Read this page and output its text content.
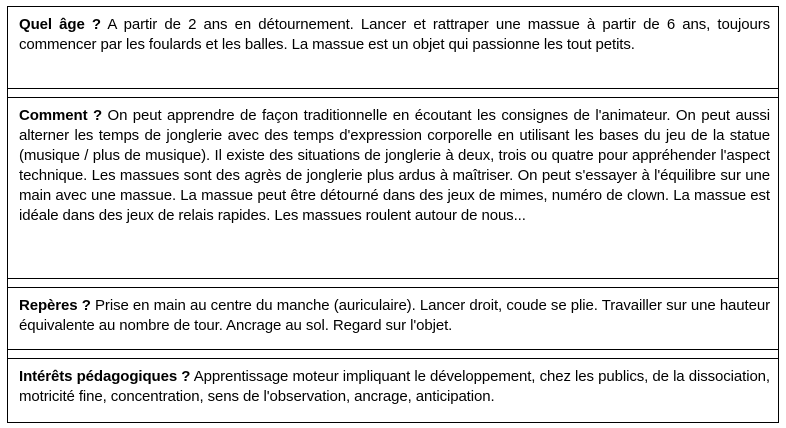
Quel âge ? A partir de 2 ans en détournement. Lancer et rattraper une massue à partir de 6 ans, toujours commencer par les foulards et les balles. La massue est un objet qui passionne les tout petits.

Comment ? On peut apprendre de façon traditionnelle en écoutant les consignes de l'animateur. On peut aussi alterner les temps de jonglerie avec des temps d'expression corporelle en utilisant les bases du jeu de la statue (musique / plus de musique). Il existe des situations de jonglerie à deux, trois ou quatre pour appréhender l'aspect technique. Les massues sont des agrès de jonglerie plus ardus à maîtriser. On peut s'essayer à l'équilibre sur une main avec une massue. La massue peut être détourné dans des jeux de mimes, numéro de clown. La massue est idéale dans des jeux de relais rapides. Les massues roulent autour de nous...

Repères ? Prise en main au centre du manche (auriculaire). Lancer droit, coude se plie. Travailler sur une hauteur équivalente au nombre de tour. Ancrage au sol. Regard sur l'objet.

Intérêts pédagogiques ? Apprentissage moteur impliquant le développement, chez les publics, de la dissociation, motricité fine, concentration, sens de l'observation, ancrage, anticipation.
